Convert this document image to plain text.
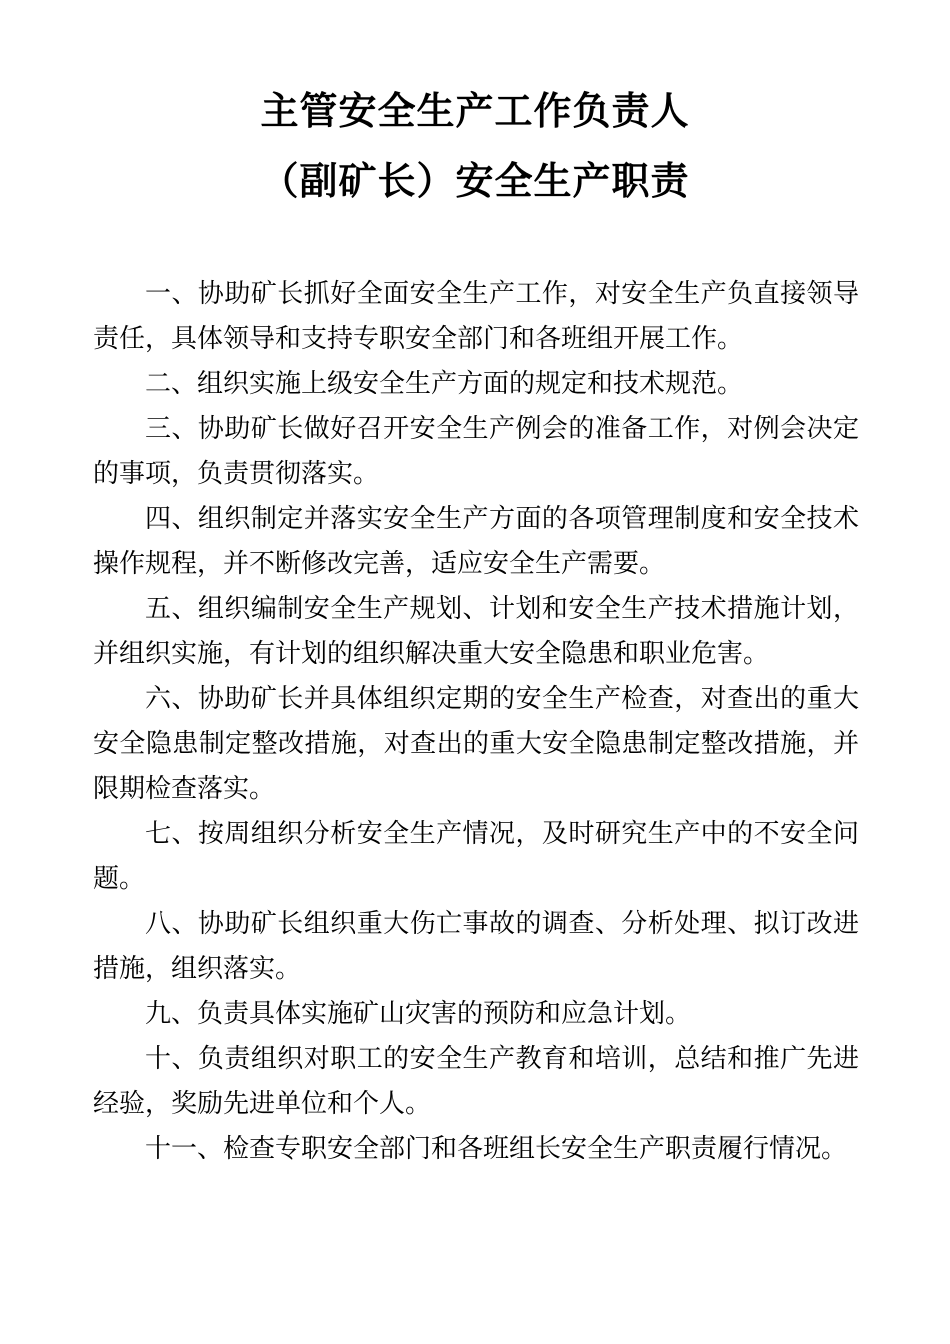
主管安全生产工作负责人
（副矿长）安全生产职责

一、协助矿长抓好全面安全生产工作，对安全生产负直接领导责任，具体领导和支持专职安全部门和各班组开展工作。

二、组织实施上级安全生产方面的规定和技术规范。

三、协助矿长做好召开安全生产例会的准备工作，对例会决定的事项，负责贯彻落实。

四、组织制定并落实安全生产方面的各项管理制度和安全技术操作规程，并不断修改完善，适应安全生产需要。

五、组织编制安全生产规划、计划和安全生产技术措施计划，并组织实施，有计划的组织解决重大安全隐患和职业危害。

六、协助矿长并具体组织定期的安全生产检查，对查出的重大安全隐患制定整改措施，对查出的重大安全隐患制定整改措施，并限期检查落实。

七、按周组织分析安全生产情况，及时研究生产中的不安全问题。

八、协助矿长组织重大伤亡事故的调查、分析处理、拟订改进措施，组织落实。

九、负责具体实施矿山灾害的预防和应急计划。

十、负责组织对职工的安全生产教育和培训，总结和推广先进经验，奖励先进单位和个人。

十一、检查专职安全部门和各班组长安全生产职责履行情况。
